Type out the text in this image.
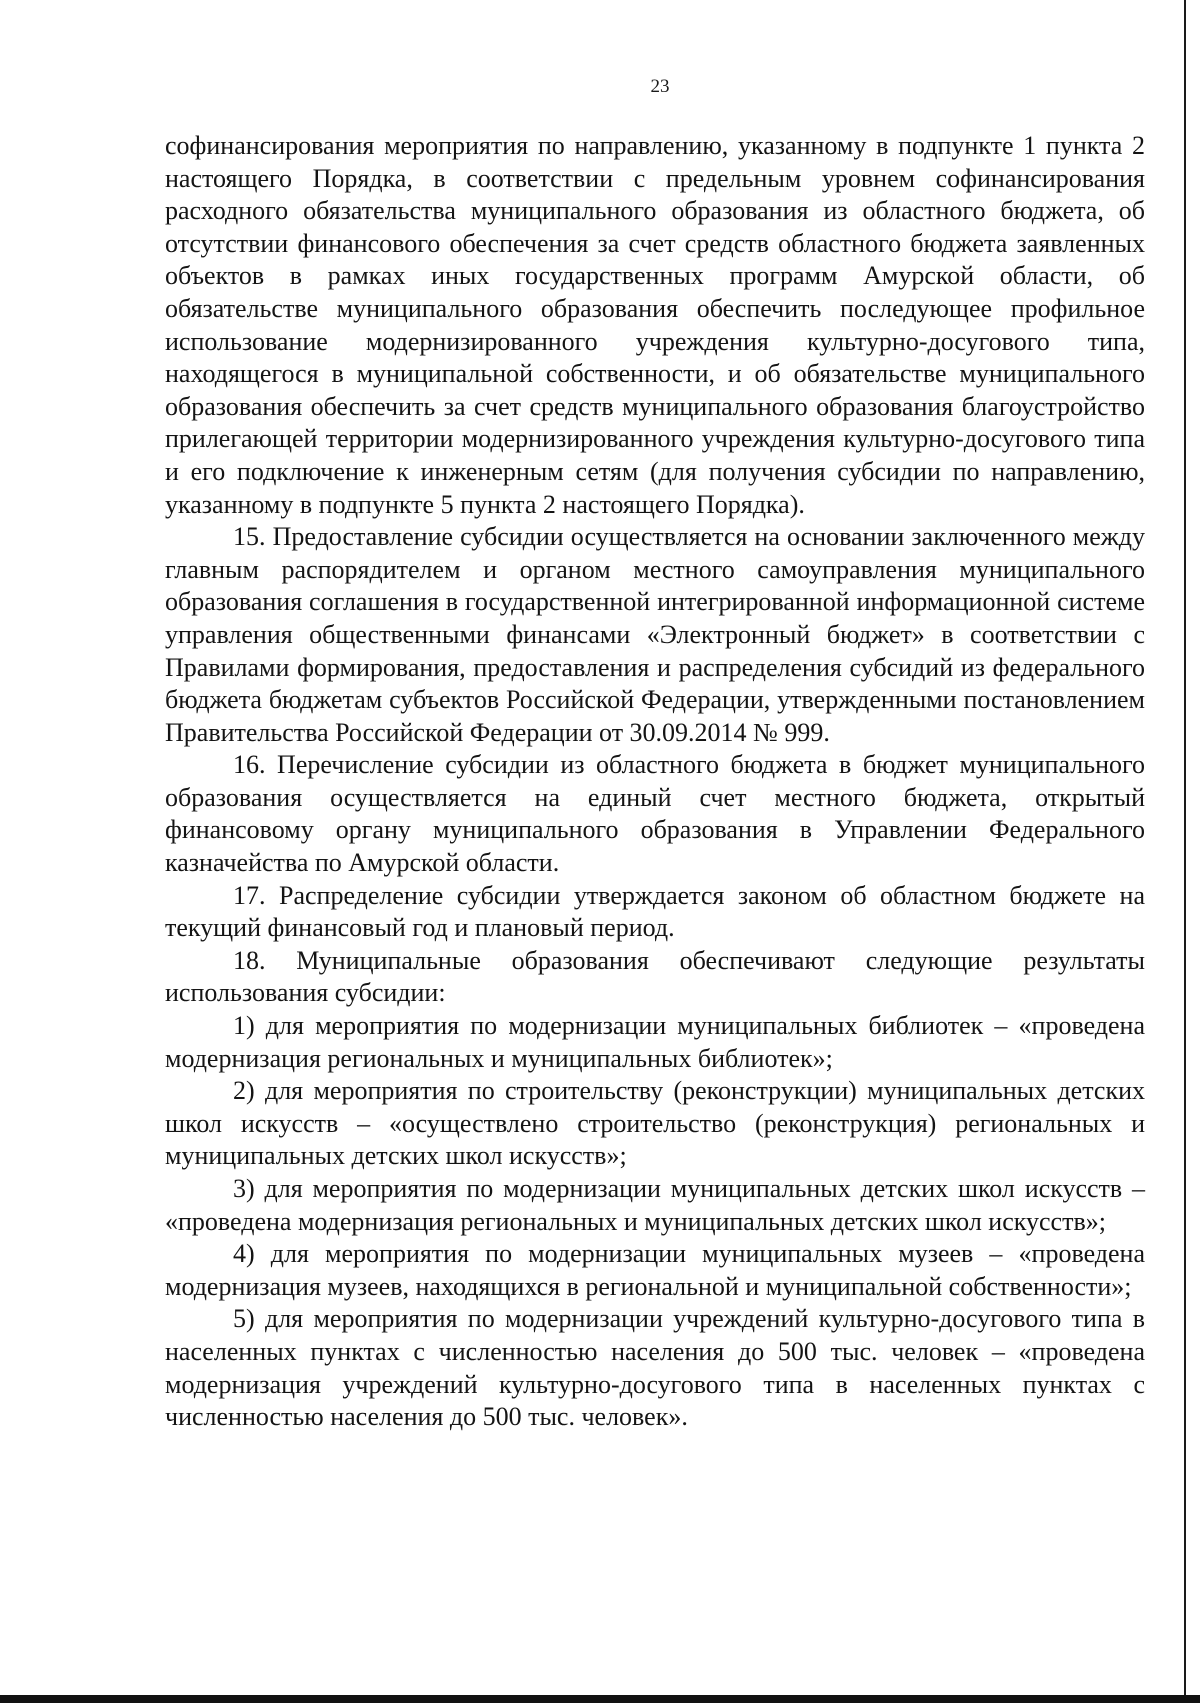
23

софинансирования мероприятия по направлению, указанному в подпункте 1 пункта 2 настоящего Порядка, в соответствии с предельным уровнем софинансирования расходного обязательства муниципального образования из областного бюджета, об отсутствии финансового обеспечения за счет средств областного бюджета заявленных объектов в рамках иных государственных программ Амурской области, об обязательстве муниципального образования обеспечить последующее профильное использование модернизированного учреждения культурно-досугового типа, находящегося в муниципальной собственности, и об обязательстве муниципального образования обеспечить за счет средств муниципального образования благоустройство прилегающей территории модернизированного учреждения культурно-досугового типа и его подключение к инженерным сетям (для получения субсидии по направлению, указанному в подпункте 5 пункта 2 настоящего Порядка).

15. Предоставление субсидии осуществляется на основании заключенного между главным распорядителем и органом местного самоуправления муниципального образования соглашения в государственной интегрированной информационной системе управления общественными финансами «Электронный бюджет» в соответствии с Правилами формирования, предоставления и распределения субсидий из федерального бюджета бюджетам субъектов Российской Федерации, утвержденными постановлением Правительства Российской Федерации от 30.09.2014 № 999.

16. Перечисление субсидии из областного бюджета в бюджет муниципального образования осуществляется на единый счет местного бюджета, открытый финансовому органу муниципального образования в Управлении Федерального казначейства по Амурской области.

17. Распределение субсидии утверждается законом об областном бюджете на текущий финансовый год и плановый период.

18. Муниципальные образования обеспечивают следующие результаты использования субсидии:

1) для мероприятия по модернизации муниципальных библиотек – «проведена модернизация региональных и муниципальных библиотек»;

2) для мероприятия по строительству (реконструкции) муниципальных детских школ искусств – «осуществлено строительство (реконструкция) региональных и муниципальных детских школ искусств»;

3) для мероприятия по модернизации муниципальных детских школ искусств – «проведена модернизация региональных и муниципальных детских школ искусств»;

4) для мероприятия по модернизации муниципальных музеев – «проведена модернизация музеев, находящихся в региональной и муниципальной собственности»;

5) для мероприятия по модернизации учреждений культурно-досугового типа в населенных пунктах с численностью населения до 500 тыс. человек – «проведена модернизация учреждений культурно-досугового типа в населенных пунктах с численностью населения до 500 тыс. человек».
